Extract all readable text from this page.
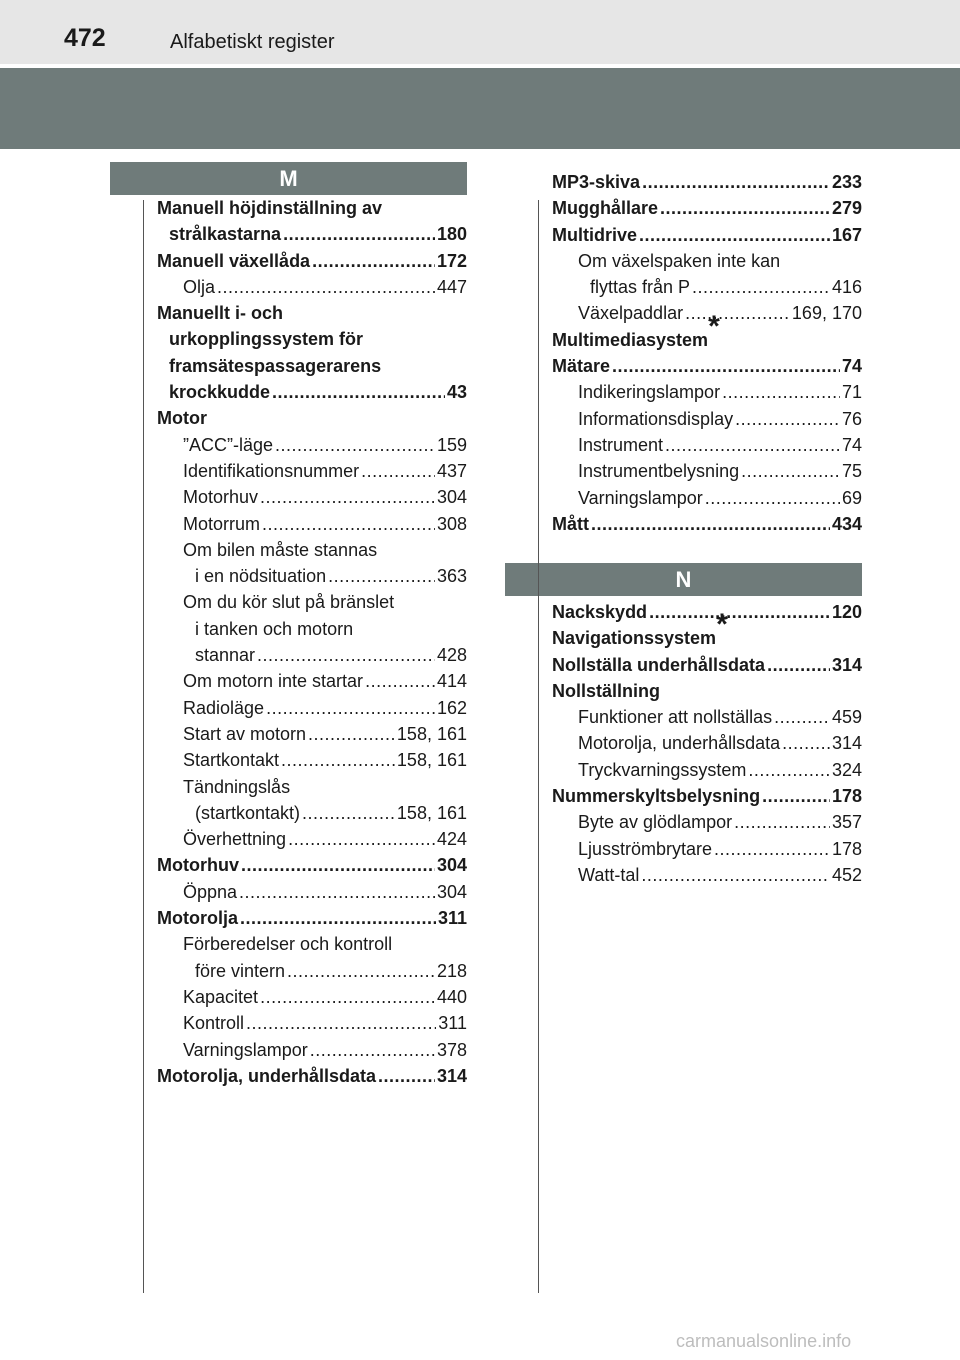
472	Alfabetiskt register
M
N
Manuell höjdinställning av
strålkastarna .....	180
Manuell växellåda .....	172
Olja .....	447
Manuellt i- och
urkopplingssystem för
framsätespassagerarens
krockkudde .....	43
Motor
”ACC”-läge .....	159
Identifikationsnummer .....	437
Motorhuv .....	304
Motorrum .....	308
Om bilen måste stannas
i en nödsituation .....	363
Om du kör slut på bränslet
i tanken och motorn
stannar .....	428
Om motorn inte startar .....	414
Radioläge .....	162
Start av motorn .....	158, 161
Startkontakt .....	158, 161
Tändningslås
(startkontakt) .....	158, 161
Överhettning .....	424
Motorhuv .....	304
Öppna .....	304
Motorolja .....	311
Förberedelser och kontroll
före vintern .....	218
Kapacitet .....	440
Kontroll .....	311
Varningslampor .....	378
Motorolja, underhållsdata .....	314
MP3-skiva .....	233
Mugghållare .....	279
Multidrive .....	167
Om växelspaken inte kan
flyttas från P .....	416
Växelpaddlar .....	169, 170
Multimediasystem*
Mätare .....	74
Indikeringslampor .....	71
Informationsdisplay .....	76
Instrument .....	74
Instrumentbelysning .....	75
Varningslampor .....	69
Mått .....	434
Nackskydd .....	120
Navigationssystem*
Nollställa underhållsdata .....	314
Nollställning
Funktioner att nollställas .....	459
Motorolja, underhållsdata .....	314
Tryckvarningssystem .....	324
Nummerskyltsbelysning .....	178
Byte av glödlampor .....	357
Ljusströmbrytare .....	178
Watt-tal .....	452
carmanualsonline.info
